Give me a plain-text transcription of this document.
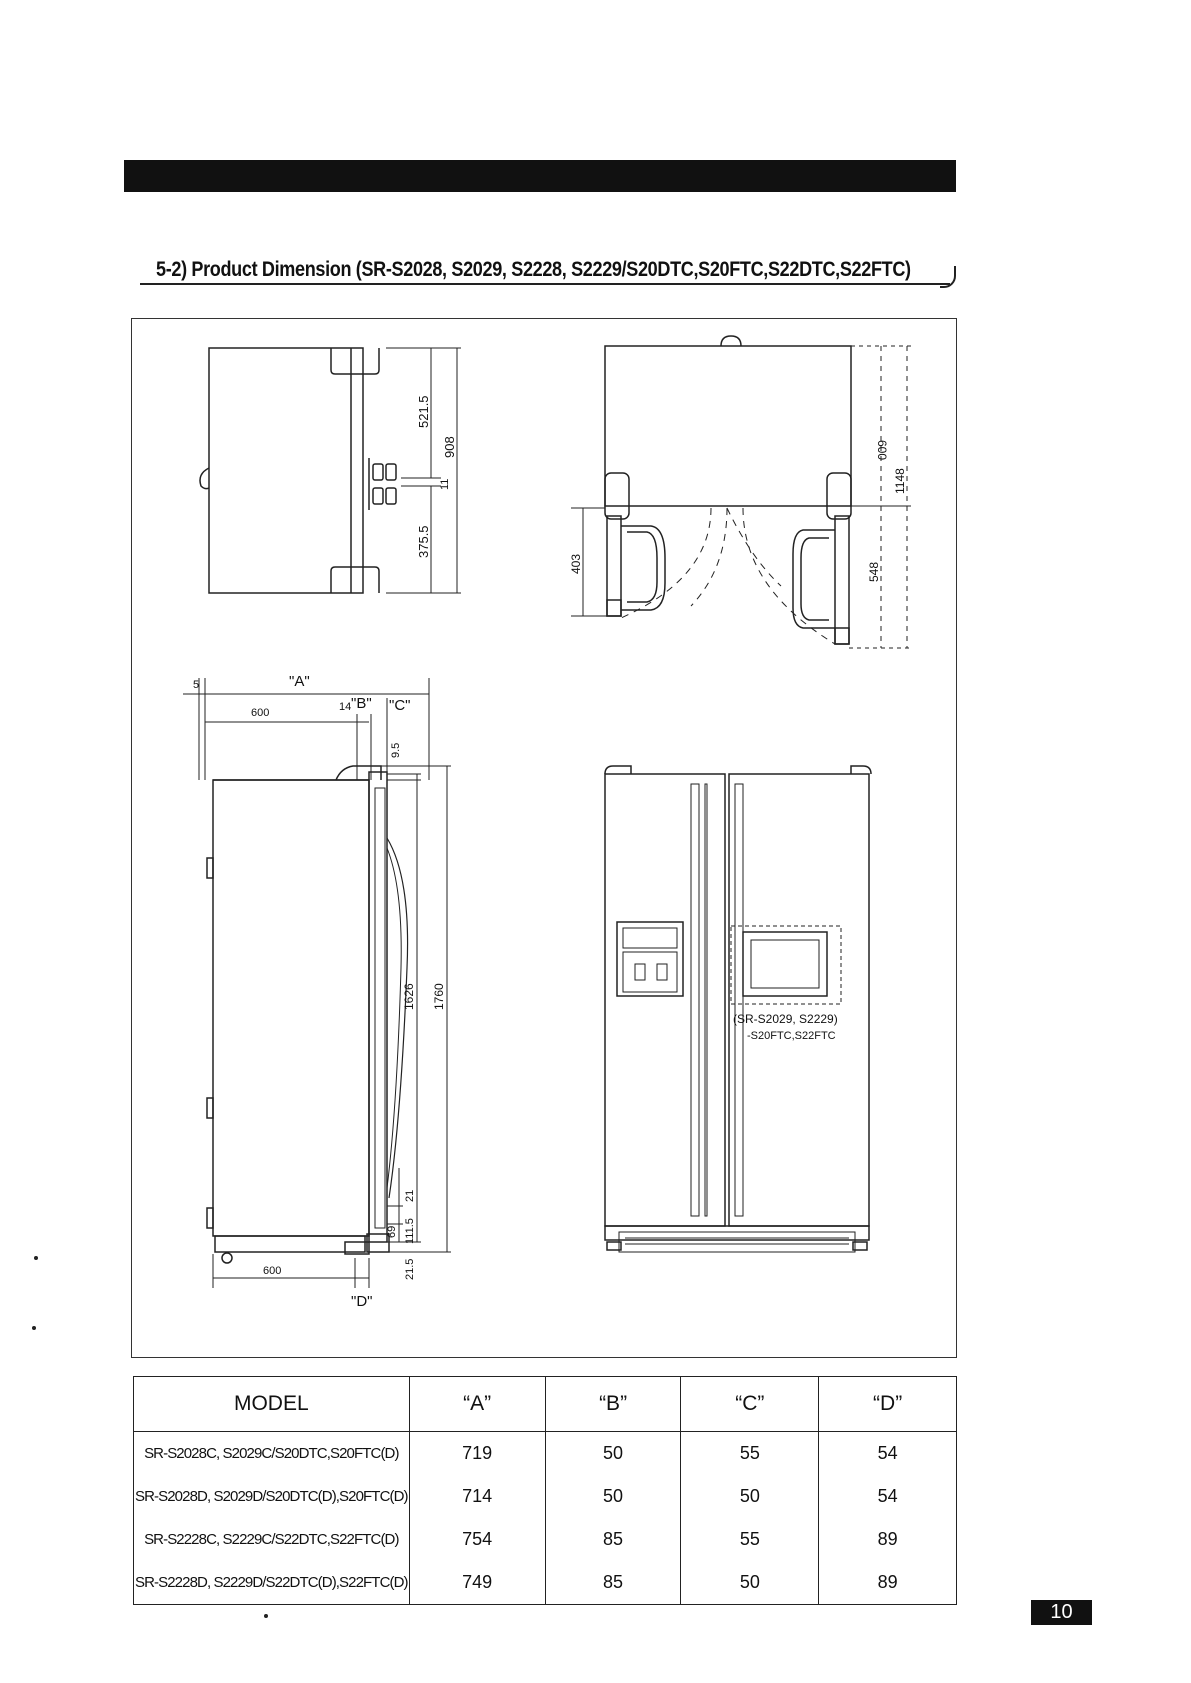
5-2) Product Dimension (SR-S2028, S2029, S2228, S2229/S20DTC,S20FTC,S22DTC,S22FTC)
521.5
908
11
375.5
600
1148
548
403
5	"A"
600	14 "B" "C"
9.5
1626 1760
21
69 111.5
21.5
600
"D"
(SR-S2029, S2229)
-S20FTC,S22FTC
MODEL	“A”	“B”	“C”	“D”
SR-S2028C, S2029C/S20DTC,S20FTC(D)	719	50	55	54
SR-S2028D, S2029D/S20DTC(D),S20FTC(D)	714	50	50	54
SR-S2228C, S2229C/S22DTC,S22FTC(D)	754	85	55	89
SR-S2228D, S2229D/S22DTC(D),S22FTC(D)	749	85	50	89
10
